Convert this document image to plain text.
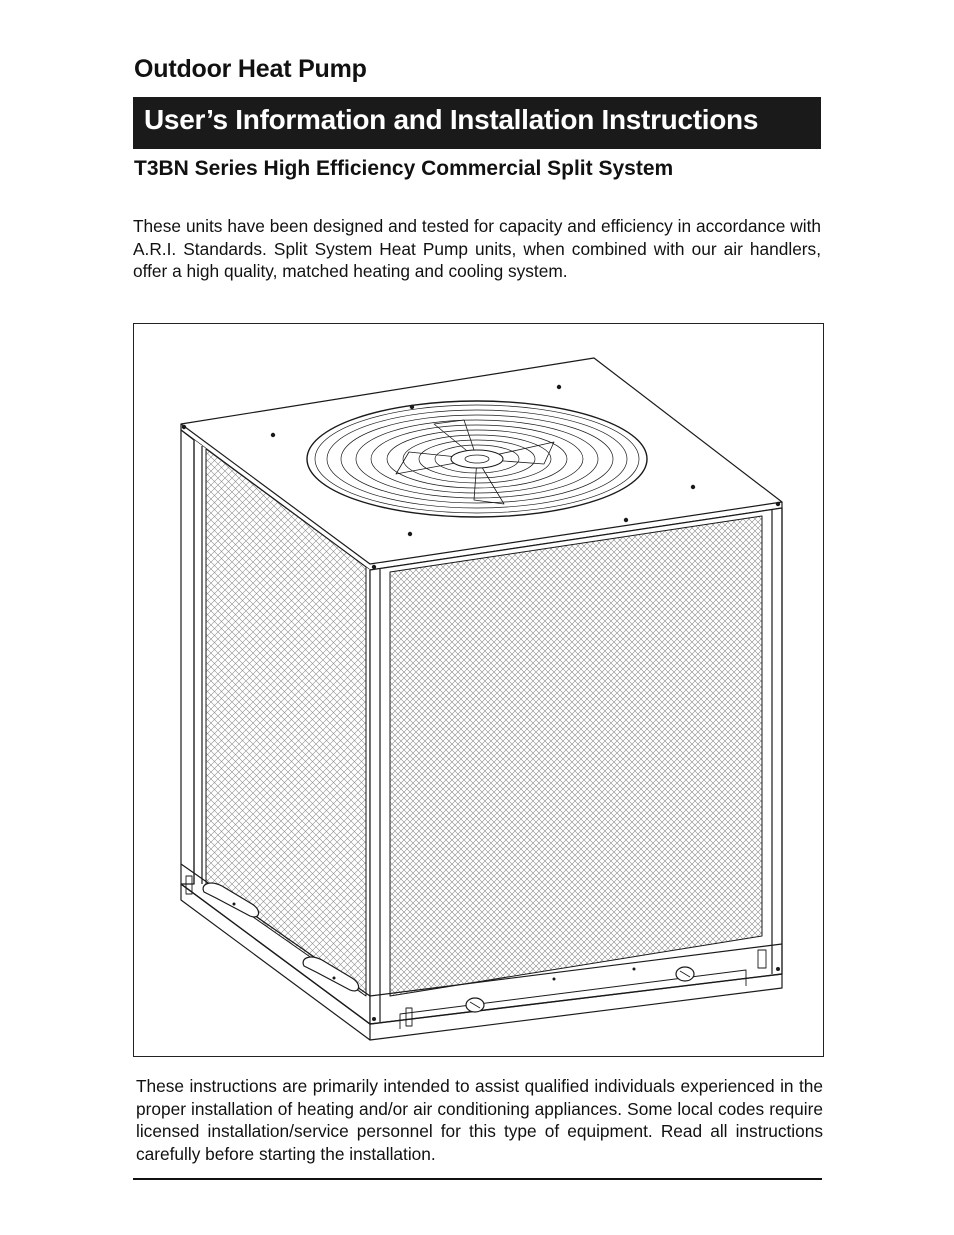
Outdoor Heat Pump
User’s Information and Installation Instructions
T3BN Series High Efficiency Commercial Split System

These units have been designed and tested for capacity and efficiency in accordance with A.R.I. Standards. Split System Heat Pump units, when combined with our air handlers, offer a high quality, matched heating and cooling system.

These instructions are primarily intended to assist qualified individuals experienced in the proper installation of heating and/or air conditioning appliances. Some local codes require licensed installation/service personnel for this type of equipment. Read all instructions carefully before starting the installation.
